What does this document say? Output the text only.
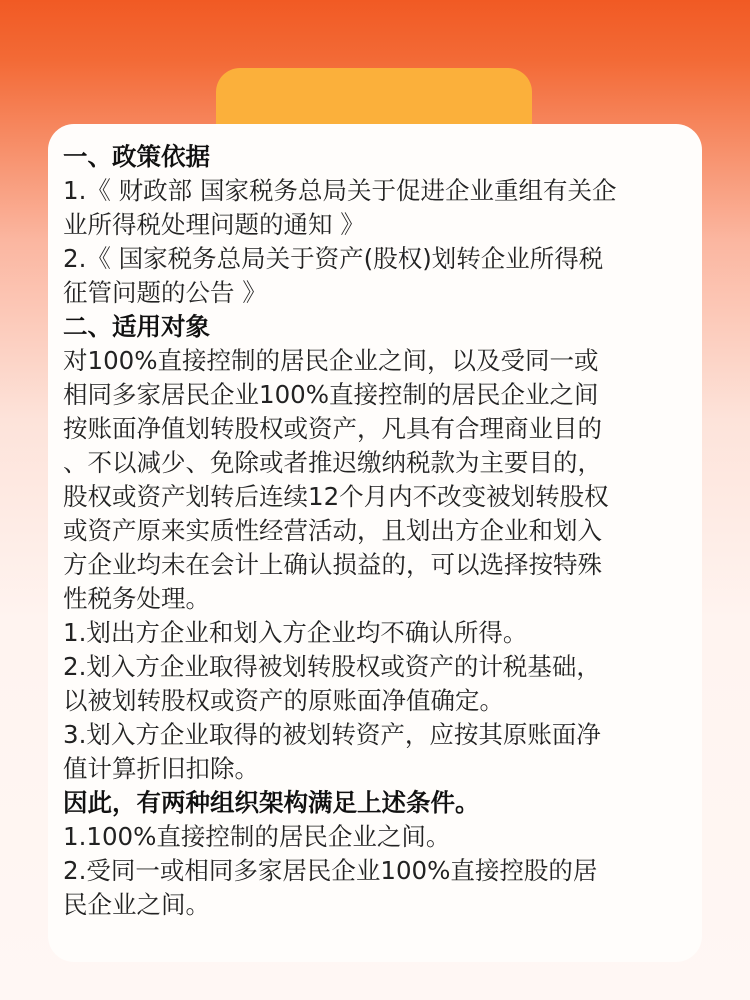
一、政策依据
1.《 财政部 国家税务总局关于促进企业重组有关企
业所得税处理问题的通知 》
2.《 国家税务总局关于资产(股权)划转企业所得税
征管问题的公告 》
二、适用对象
对100%直接控制的居民企业之间，以及受同一或
相同多家居民企业100%直接控制的居民企业之间
按账面净值划转股权或资产，凡具有合理商业目的
、不以减少、免除或者推迟缴纳税款为主要目的，
股权或资产划转后连续12个月内不改变被划转股权
或资产原来实质性经营活动，且划出方企业和划入
方企业均未在会计上确认损益的，可以选择按特殊
性税务处理。
1.划出方企业和划入方企业均不确认所得。
2.划入方企业取得被划转股权或资产的计税基础，
以被划转股权或资产的原账面净值确定。
3.划入方企业取得的被划转资产，应按其原账面净
值计算折旧扣除。
因此，有两种组织架构满足上述条件。
1.100%直接控制的居民企业之间。
2.受同一或相同多家居民企业100%直接控股的居
民企业之间。
